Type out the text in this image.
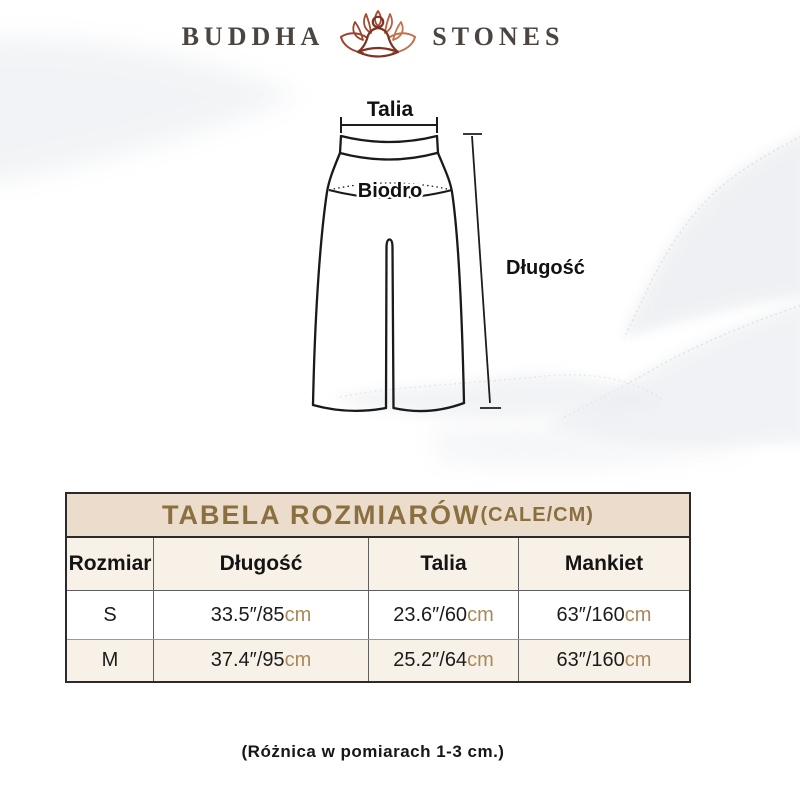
BUDDHA	STONES
Talia
Biodro
Długość
TABELA ROZMIARÓW (CALE/CM)
Rozmiar	Długość	Talia	Mankiet
S	33.5″/85 cm	23.6″/60 cm	63″/160 cm
M	37.4″/95 cm	25.2″/64 cm	63″/160 cm
(Różnica w pomiarach 1-3 cm.)
